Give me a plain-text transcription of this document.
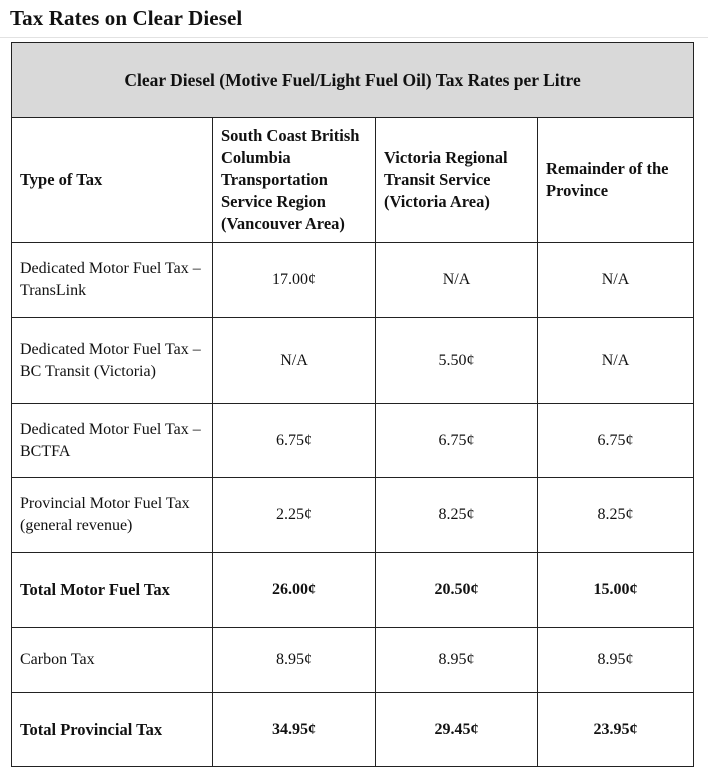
Tax Rates on Clear Diesel
Clear Diesel (Motive Fuel/Light Fuel Oil) Tax Rates per Litre			
Type of Tax	South Coast British Columbia Transportation Service Region (Vancouver Area)	Victoria Regional Transit Service (Victoria Area)	Remainder of the Province
Dedicated Motor Fuel Tax – TransLink	17.00¢	N/A	N/A
Dedicated Motor Fuel Tax – BC Transit (Victoria)	N/A	5.50¢	N/A
Dedicated Motor Fuel Tax – BCTFA	6.75¢	6.75¢	6.75¢
Provincial Motor Fuel Tax (general revenue)	2.25¢	8.25¢	8.25¢
Total Motor Fuel Tax	26.00¢	20.50¢	15.00¢
Carbon Tax	8.95¢	8.95¢	8.95¢
Total Provincial Tax	34.95¢	29.45¢	23.95¢
